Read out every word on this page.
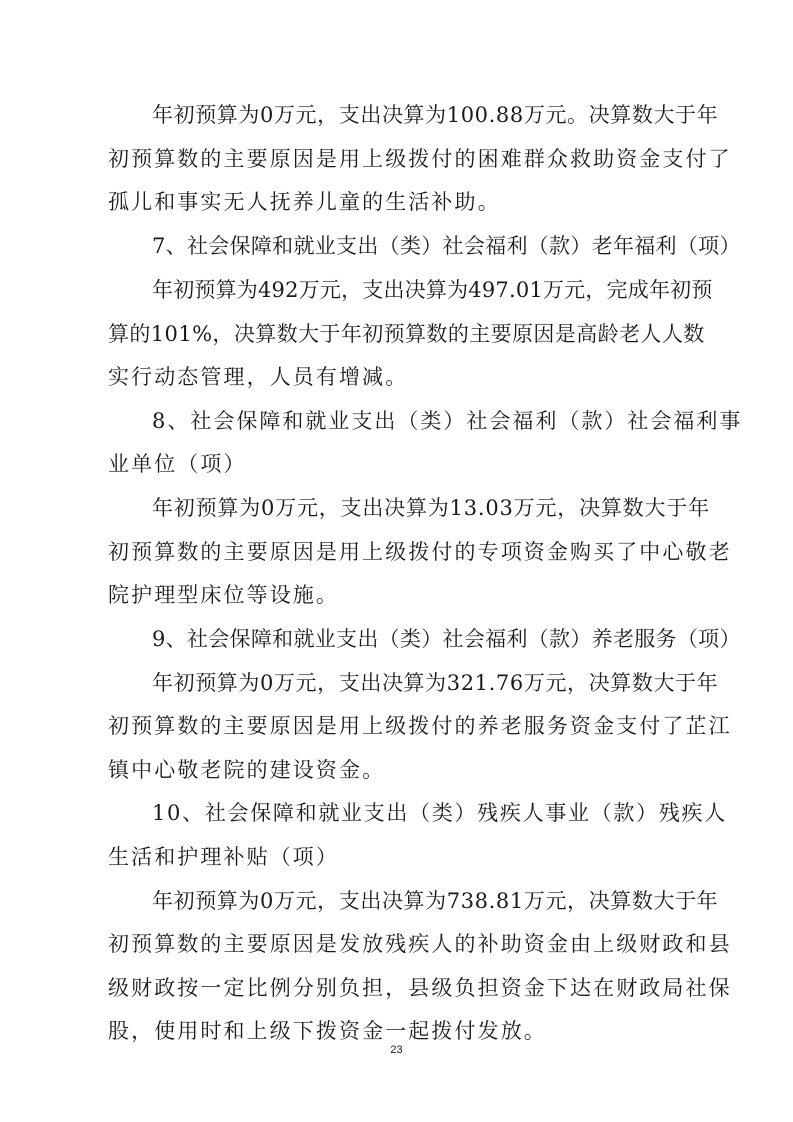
年初预算为0万元，支出决算为100.88万元。决算数大于年

初预算数的主要原因是用上级拨付的困难群众救助资金支付了

孤儿和事实无人抚养儿童的生活补助。

7、社会保障和就业支出（类）社会福利（款）老年福利（项）

年初预算为492万元，支出决算为497.01万元，完成年初预

算的101%，决算数大于年初预算数的主要原因是高龄老人人数

实行动态管理，人员有增减。

8、社会保障和就业支出（类）社会福利（款）社会福利事

业单位（项）

年初预算为0万元，支出决算为13.03万元，决算数大于年

初预算数的主要原因是用上级拨付的专项资金购买了中心敬老

院护理型床位等设施。

9、社会保障和就业支出（类）社会福利（款）养老服务（项）

年初预算为0万元，支出决算为321.76万元，决算数大于年

初预算数的主要原因是用上级拨付的养老服务资金支付了芷江

镇中心敬老院的建设资金。

10、社会保障和就业支出（类）残疾人事业（款）残疾人

生活和护理补贴（项）

年初预算为0万元，支出决算为738.81万元，决算数大于年

初预算数的主要原因是发放残疾人的补助资金由上级财政和县

级财政按一定比例分别负担，县级负担资金下达在财政局社保

股，使用时和上级下拨资金一起拨付发放。

23
